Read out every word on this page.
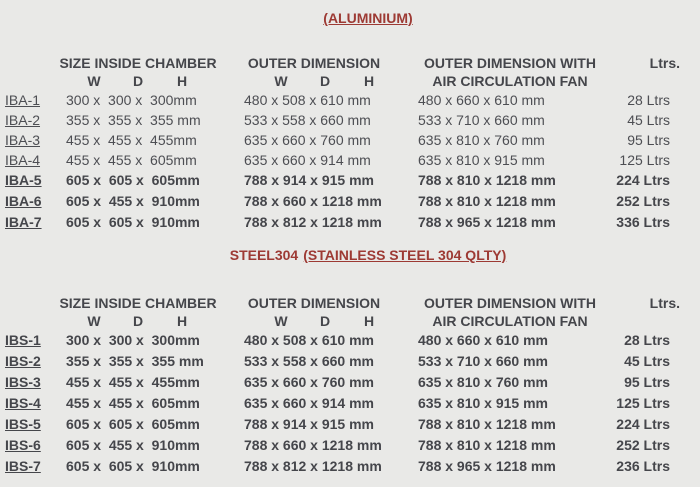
(ALUMINIUM)
SIZE INSIDE CHAMBER	OUTER DIMENSION	OUTER DIMENSION WITH	Ltrs.
W	D	H	W	D	H	AIR CIRCULATION FAN
IBA-1	300 x  300 x  300mm	480 x 508 x 610 mm	480 x 660 x 610 mm	28 Ltrs
IBA-2	355 x  355 x  355 mm	533 x 558 x 660 mm	533 x 710 x 660 mm	45 Ltrs
IBA-3	455 x  455 x  455mm	635 x 660 x 760 mm	635 x 810 x 760 mm	95 Ltrs
IBA-4	455 x  455 x  605mm	635 x 660 x 914 mm	635 x 810 x 915 mm	125 Ltrs
IBA-5	605 x  605 x  605mm	788 x 914 x 915 mm	788 x 810 x 1218 mm	224 Ltrs
IBA-6	605 x  455 x  910mm	788 x 660 x 1218 mm	788 x 810 x 1218 mm	252 Ltrs
IBA-7	605 x  605 x  910mm	788 x 812 x 1218 mm	788 x 965 x 1218 mm	336 Ltrs
STEEL304 (STAINLESS STEEL 304 QLTY)
SIZE INSIDE CHAMBER	OUTER DIMENSION	OUTER DIMENSION WITH	Ltrs.
W	D	H	W	D	H	AIR CIRCULATION FAN
IBS-1	300 x  300 x  300mm	480 x 508 x 610 mm	480 x 660 x 610 mm	28 Ltrs
IBS-2	355 x  355 x  355 mm	533 x 558 x 660 mm	533 x 710 x 660 mm	45 Ltrs
IBS-3	455 x  455 x  455mm	635 x 660 x 760 mm	635 x 810 x 760 mm	95 Ltrs
IBS-4	455 x  455 x  605mm	635 x 660 x 914 mm	635 x 810 x 915 mm	125 Ltrs
IBS-5	605 x  605 x  605mm	788 x 914 x 915 mm	788 x 810 x 1218 mm	224 Ltrs
IBS-6	605 x  455 x  910mm	788 x 660 x 1218 mm	788 x 810 x 1218 mm	252 Ltrs
IBS-7	605 x  605 x  910mm	788 x 812 x 1218 mm	788 x 965 x 1218 mm	236 Ltrs
